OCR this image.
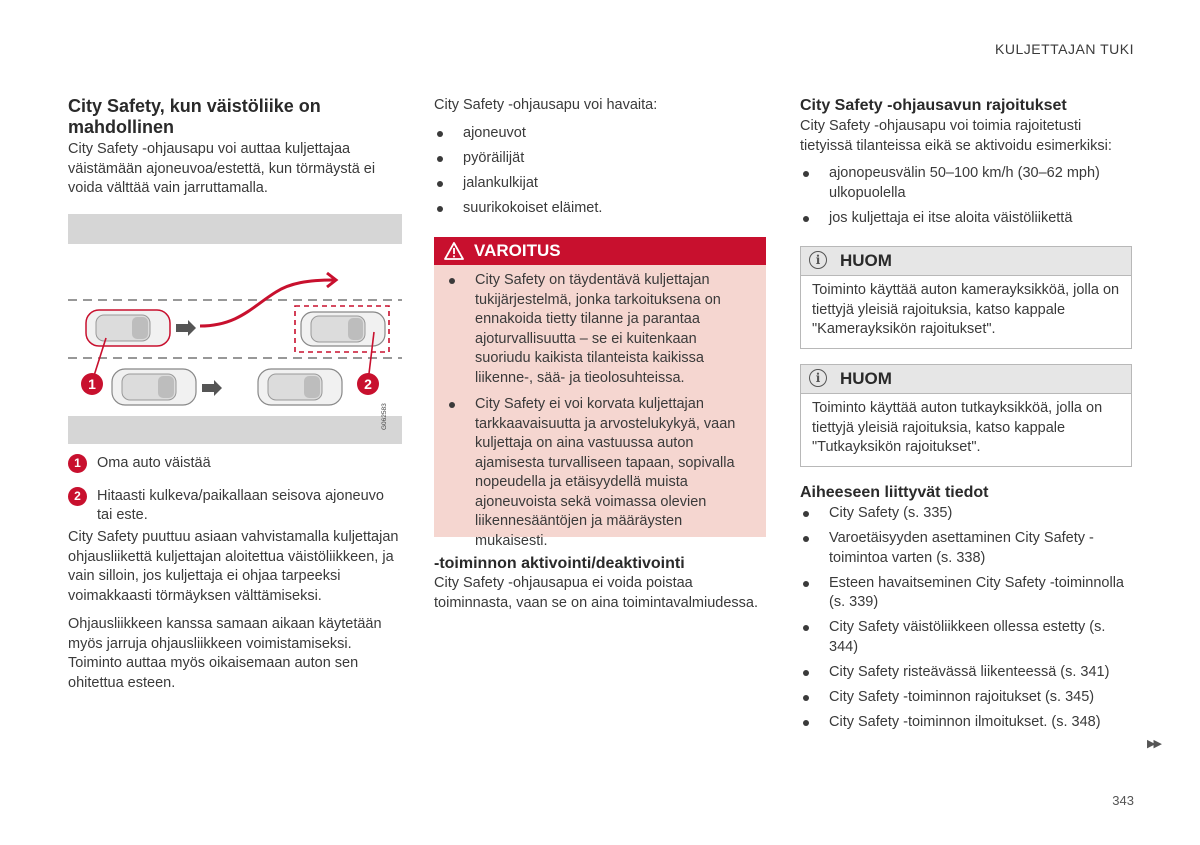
KULJETTAJAN TUKI
City Safety, kun väistöliike on mahdollinen

City Safety -ohjausapu voi auttaa kuljettajaa väistämään ajoneuvoa/estettä, kun törmäystä ei voida välttää vain jarruttamalla.

1	2
G062583
1	Oma auto väistää
2	Hitaasti kulkeva/paikallaan seisova ajoneuvo tai este.

City Safety puuttuu asiaan vahvistamalla kuljettajan ohjausliikettä kuljettajan aloitettua väistöliikkeen, ja vain silloin, jos kuljettaja ei ohjaa tarpeeksi voimakkaasti törmäyksen välttämiseksi.

Ohjausliikkeen kanssa samaan aikaan käytetään myös jarruja ohjausliikkeen voimistamiseksi. Toiminto auttaa myös oikaisemaan auton sen ohitettua esteen.

City Safety -ohjausapu voi havaita:

ajoneuvot
pyöräilijät
jalankulkijat
suurikokoiset eläimet.
VAROITUS
City Safety on täydentävä kuljettajan tukijärjestelmä, jonka tarkoituksena on ennakoida tietty tilanne ja parantaa ajoturvallisuutta – se ei kuitenkaan suoriudu kaikista tilanteista kaikissa liikenne-, sää- ja tieolosuhteissa.
City Safety ei voi korvata kuljettajan tarkkaavaisuutta ja arvostelukykyä, vaan kuljettaja on aina vastuussa auton ajamisesta turvalliseen tapaan, sopivalla nopeudella ja etäisyydellä muista ajoneuvoista sekä voimassa olevien liikennesääntöjen ja määräysten mukaisesti.
-toiminnon aktivointi/deaktivointi

City Safety -ohjausapua ei voida poistaa toiminnasta, vaan se on aina toimintavalmiudessa.

City Safety -ohjausavun rajoitukset

City Safety -ohjausapu voi toimia rajoitetusti tietyissä tilanteissa eikä se aktivoidu esimerkiksi:

ajonopeusvälin 50–100 km/h (30–62 mph) ulkopuolella
jos kuljettaja ei itse aloita väistöliikettä
i	HUOM
Toiminto käyttää auton kamerayksikköä, jolla on tiettyjä yleisiä rajoituksia, katso kappale "Kamerayksikön rajoitukset".
i	HUOM
Toiminto käyttää auton tutkayksikköä, jolla on tiettyjä yleisiä rajoituksia, katso kappale "Tutkayksikön rajoitukset".
Aiheeseen liittyvät tiedot
City Safety (s. 335)
Varoetäisyyden asettaminen City Safety -toimintoa varten (s. 338)
Esteen havaitseminen City Safety -toiminnolla (s. 339)
City Safety väistöliikkeen ollessa estetty (s. 344)
City Safety risteävässä liikenteessä (s. 341)
City Safety -toiminnon rajoitukset (s. 345)
City Safety -toiminnon ilmoitukset. (s. 348)
▶▶
343
